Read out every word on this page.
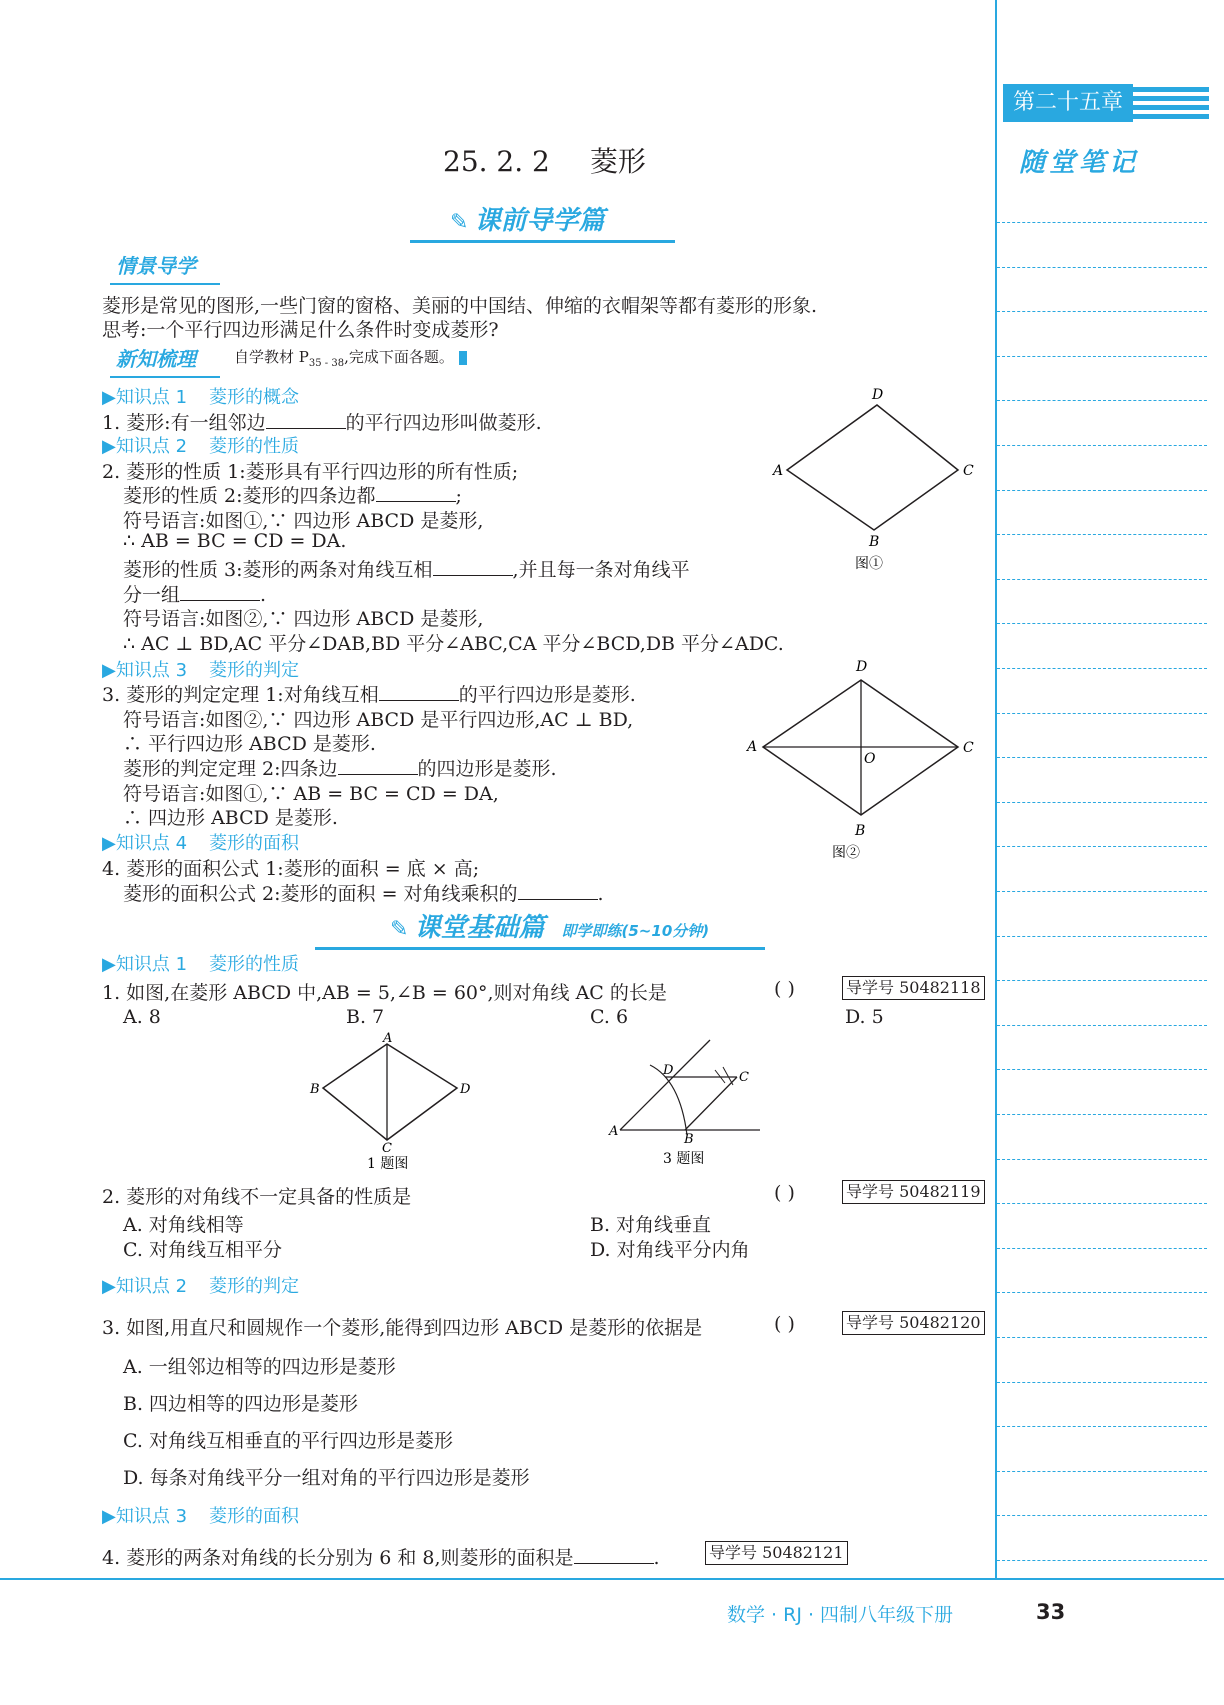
第二十五章
随堂笔记
25. 2. 2 菱形
✎ 课前导学篇
情景导学
菱形是常见的图形,一些门窗的窗格、美丽的中国结、伸缩的衣帽架等都有菱形的形象.
思考:一个平行四边形满足什么条件时变成菱形?
新知梳理	自学教材 $P_{35 - 38}$,完成下面各题。
▶知识点 1 菱形的概念
1. 菱形:有一组邻边	的平行四边形叫做菱形.
▶知识点 2 菱形的性质
2. 菱形的性质 1:菱形具有平行四边形的所有性质;
菱形的性质 2:菱形的四条边都	;
符号语言:如图①,∵ 四边形 ABCD 是菱形,
∴ AB = BC = CD = DA.
菱形的性质 3:菱形的两条对角线互相	,并且每一条对角线平
分一组	.
符号语言:如图②,∵ 四边形 ABCD 是菱形,
∴ AC ⊥ BD,AC 平分∠DAB,BD 平分∠ABC,CA 平分∠BCD,DB 平分∠ADC.
▶知识点 3 菱形的判定
3. 菱形的判定定理 1:对角线互相	的平行四边形是菱形.
符号语言:如图②,∵ 四边形 ABCD 是平行四边形,AC ⊥ BD,
∴ 平行四边形 ABCD 是菱形.
菱形的判定定理 2:四条边	的四边形是菱形.
符号语言:如图①,∵ AB = BC = CD = DA,
∴ 四边形 ABCD 是菱形.
▶知识点 4 菱形的面积
4. 菱形的面积公式 1:菱形的面积 = 底 × 高;
菱形的面积公式 2:菱形的面积 = 对角线乘积的	.
D
A	C
B
图①
D
A	C
O
B
图②
✎ 课堂基础篇 即学即练(5~10分钟)
▶知识点 1 菱形的性质
1. 如图,在菱形 ABCD 中,AB = 5,∠B = 60°,则对角线 AC 的长是	( )	导学号 50482118
A. 8	B. 7	C. 6	D. 5
A
B	D
C
1 题图
D	C
A
B
3 题图
2. 菱形的对角线不一定具备的性质是	( )	导学号 50482119
A. 对角线相等	B. 对角线垂直
C. 对角线互相平分	D. 对角线平分内角
▶知识点 2 菱形的判定
3. 如图,用直尺和圆规作一个菱形,能得到四边形 ABCD 是菱形的依据是	( )	导学号 50482120
A. 一组邻边相等的四边形是菱形
B. 四边相等的四边形是菱形
C. 对角线互相垂直的平行四边形是菱形
D. 每条对角线平分一组对角的平行四边形是菱形
▶知识点 3 菱形的面积
4. 菱形的两条对角线的长分别为 6 和 8,则菱形的面积是	.	导学号 50482121
数学 · RJ · 四制八年级下册	33
